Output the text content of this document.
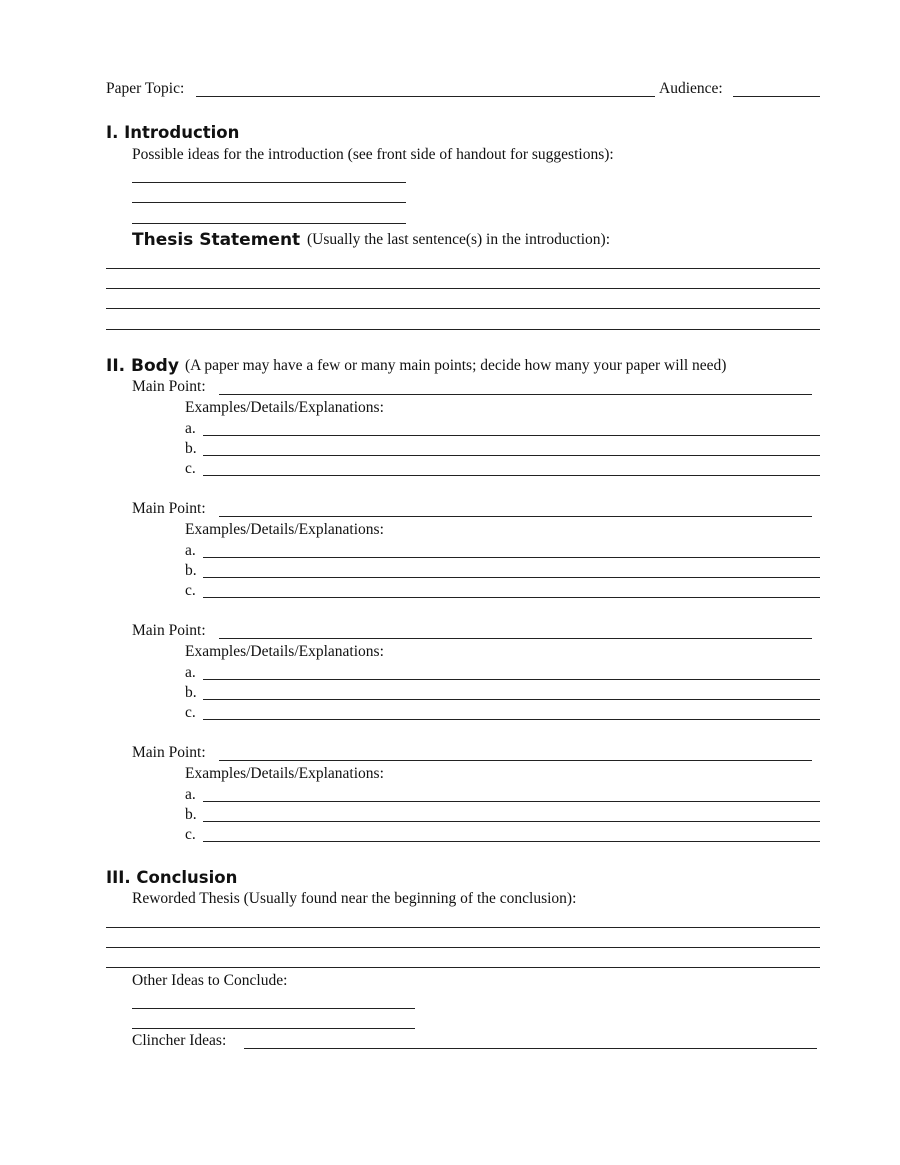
Paper Topic:	Audience:
I. Introduction
Possible ideas for the introduction (see front side of handout for suggestions):
Thesis Statement (Usually the last sentence(s) in the introduction):
II. Body (A paper may have a few or many main points; decide how many your paper will need)
Main Point:
Examples/Details/Explanations:
a.
b.
c.
Main Point:
Examples/Details/Explanations:
a.
b.
c.
Main Point:
Examples/Details/Explanations:
a.
b.
c.
Main Point:
Examples/Details/Explanations:
a.
b.
c.
III. Conclusion
Reworded Thesis (Usually found near the beginning of the conclusion):
Other Ideas to Conclude:
Clincher Ideas:
